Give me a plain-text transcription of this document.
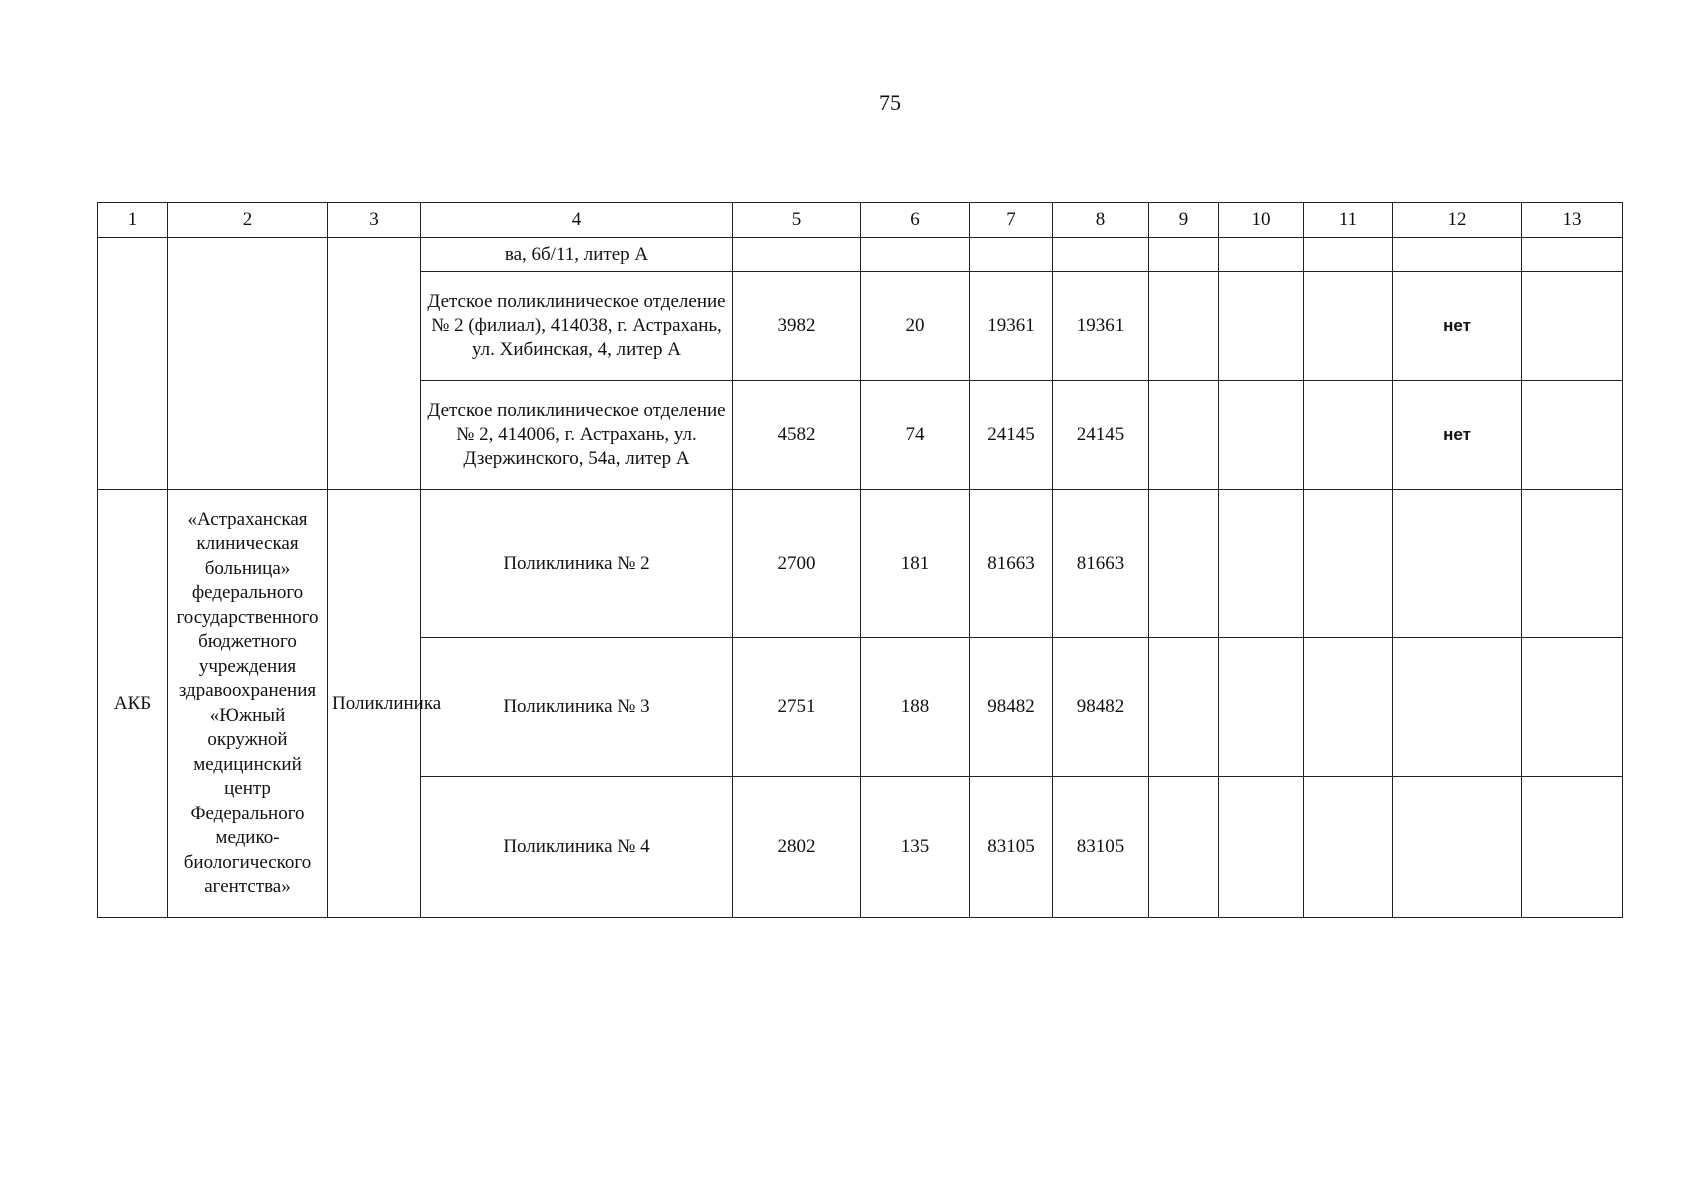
75
1	2	3	4	5	6	7	8	9	10	11	12	13
			ва, 6б/11, литер А									
			Детское поликлиническое отделение № 2 (филиал), 414038, г. Астрахань, ул. Хибинская, 4, литер А	3982	20	19361	19361				нет	
			Детское поликлиническое отделение № 2, 414006, г. Астрахань, ул. Дзержинского, 54а, литер А	4582	74	24145	24145				нет	
АКБ	«Астраханская клиническая больница» федерального государственного бюджетного учреждения здравоохранения «Южный окружной медицинский центр Федерального медико-биологического агентства»	Поликлиника	Поликлиника № 2	2700	181	81663	81663					
			Поликлиника № 3	2751	188	98482	98482					
			Поликлиника № 4	2802	135	83105	83105					
